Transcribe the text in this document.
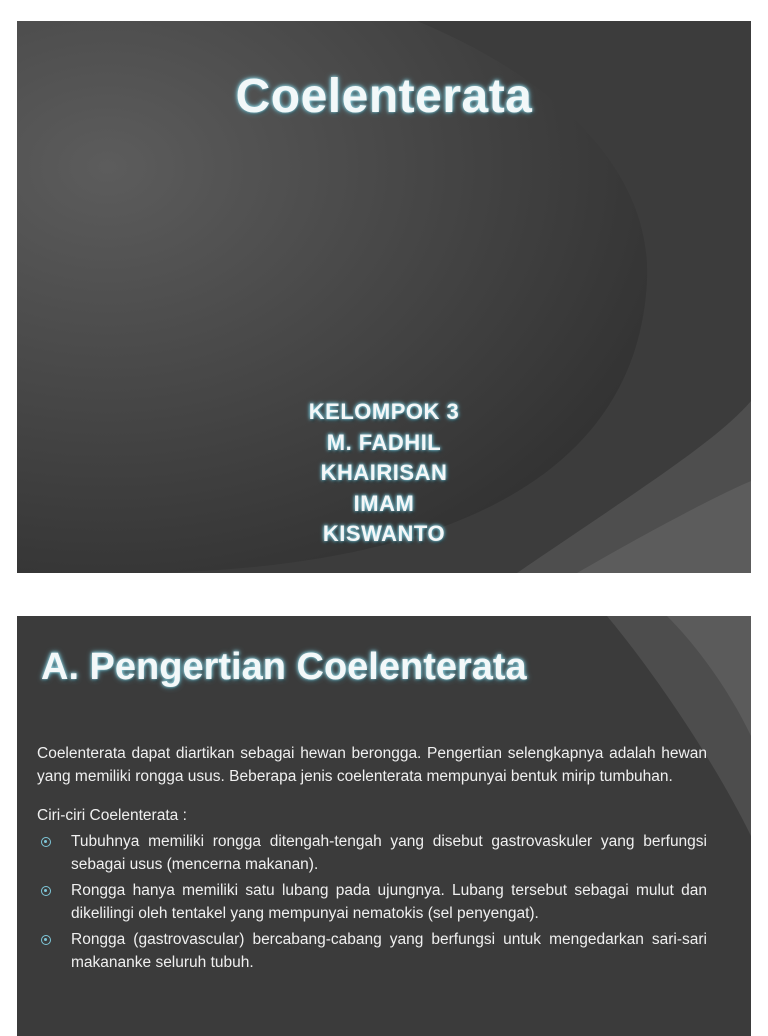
Coelenterata
KELOMPOK 3
M. FADHIL
KHAIRISAN
IMAM
KISWANTO
A. Pengertian Coelenterata

Coelenterata dapat diartikan sebagai hewan berongga. Pengertian selengkapnya adalah hewan yang memiliki rongga usus. Beberapa jenis coelenterata mempunyai bentuk mirip tumbuhan.

Ciri-ciri Coelenterata :

Tubuhnya memiliki rongga ditengah-tengah yang disebut gastrovaskuler yang berfungsi sebagai usus (mencerna makanan).
Rongga hanya memiliki satu lubang pada ujungnya. Lubang tersebut sebagai mulut dan dikelilingi oleh tentakel yang mempunyai nematokis (sel penyengat).
Rongga (gastrovascular) bercabang-cabang yang berfungsi untuk mengedarkan sari-sari makananke seluruh tubuh.
